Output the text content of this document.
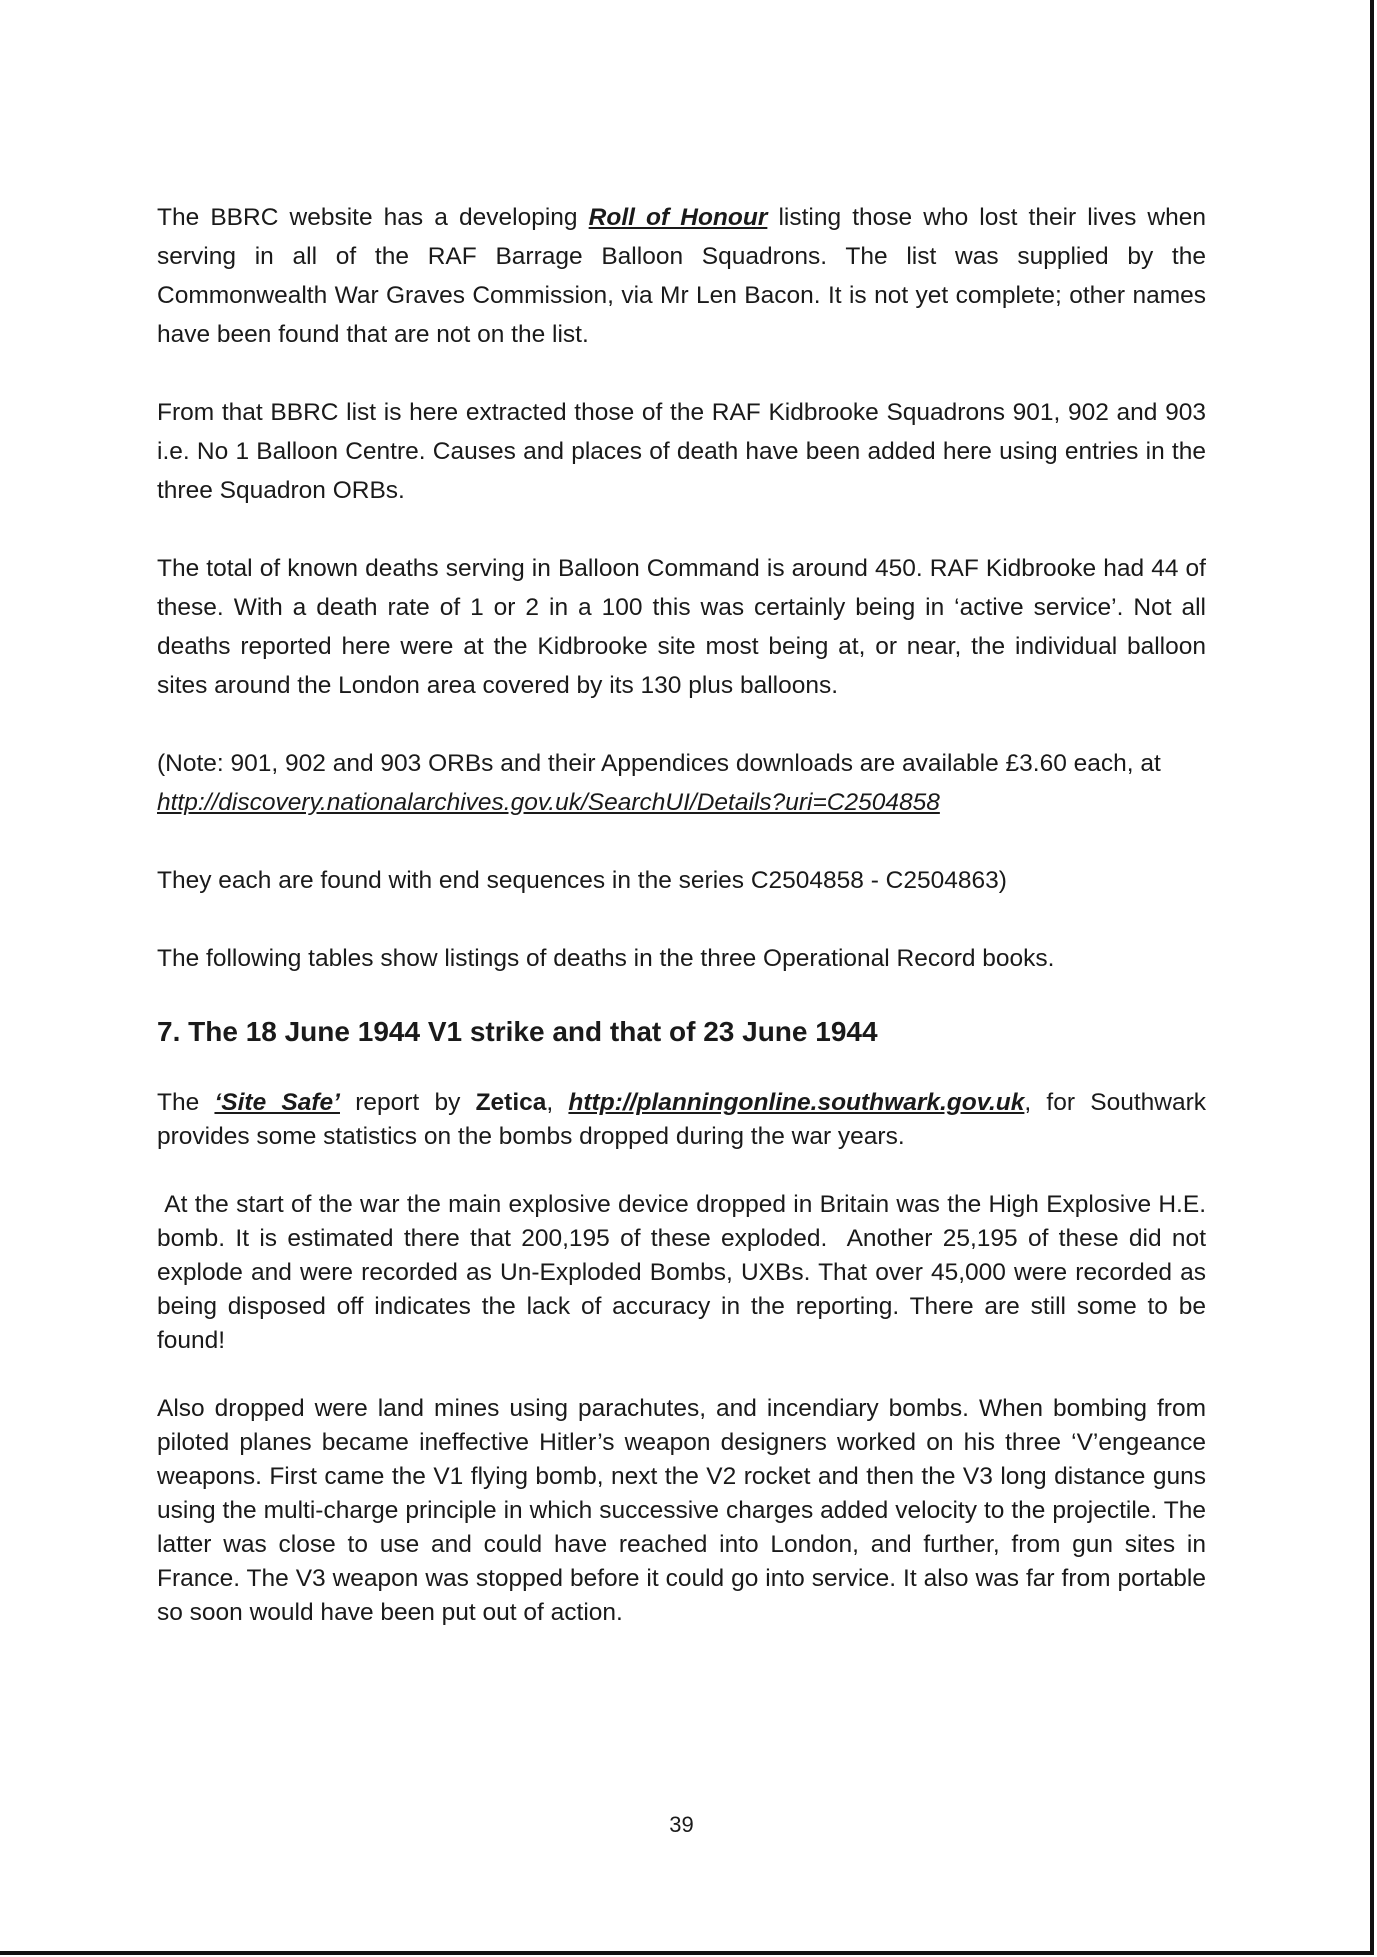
The BBRC website has a developing Roll of Honour listing those who lost their lives when serving in all of the RAF Barrage Balloon Squadrons. The list was supplied by the Commonwealth War Graves Commission, via Mr Len Bacon. It is not yet complete; other names have been found that are not on the list.

From that BBRC list is here extracted those of the RAF Kidbrooke Squadrons 901, 902 and 903 i.e. No 1 Balloon Centre. Causes and places of death have been added here using entries in the three Squadron ORBs.

The total of known deaths serving in Balloon Command is around 450. RAF Kidbrooke had 44 of these. With a death rate of 1 or 2 in a 100 this was certainly being in ‘active service’. Not all deaths reported here were at the Kidbrooke site most being at, or near, the individual balloon sites around the London area covered by its 130 plus balloons.

(Note: 901, 902 and 903 ORBs and their Appendices downloads are available £3.60 each, at
http://discovery.nationalarchives.gov.uk/SearchUI/Details?uri=C2504858

They each are found with end sequences in the series C2504858 - C2504863)

The following tables show listings of deaths in the three Operational Record books.

7. The 18 June 1944 V1 strike and that of 23 June 1944

The ‘Site Safe’ report by Zetica, http://planningonline.southwark.gov.uk, for Southwark provides some statistics on the bombs dropped during the war years.

At the start of the war the main explosive device dropped in Britain was the High Explosive H.E. bomb. It is estimated there that 200,195 of these exploded.  Another 25,195 of these did not explode and were recorded as Un-Exploded Bombs, UXBs. That over 45,000 were recorded as being disposed off indicates the lack of accuracy in the reporting. There are still some to be found!

Also dropped were land mines using parachutes, and incendiary bombs. When bombing from piloted planes became ineffective Hitler’s weapon designers worked on his three ‘V’engeance weapons. First came the V1 flying bomb, next the V2 rocket and then the V3 long distance guns using the multi-charge principle in which successive charges added velocity to the projectile. The latter was close to use and could have reached into London, and further, from gun sites in France. The V3 weapon was stopped before it could go into service. It also was far from portable so soon would have been put out of action.

39
